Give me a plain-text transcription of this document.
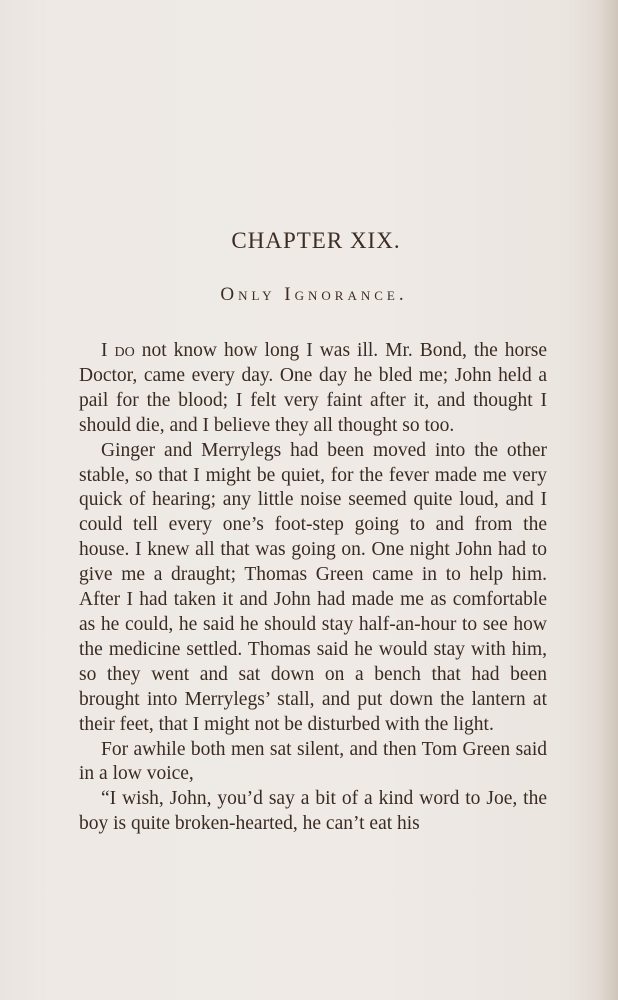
CHAPTER XIX.
Only Ignorance.

I do not know how long I was ill. Mr. Bond, the horse Doctor, came every day. One day he bled me; John held a pail for the blood; I felt very faint after it, and thought I should die, and I believe they all thought so too.

Ginger and Merrylegs had been moved into the other stable, so that I might be quiet, for the fever made me very quick of hearing; any little noise seemed quite loud, and I could tell every one’s foot-step going to and from the house. I knew all that was going on. One night John had to give me a draught; Thomas Green came in to help him. After I had taken it and John had made me as comfortable as he could, he said he should stay half-an-hour to see how the medicine settled. Thomas said he would stay with him, so they went and sat down on a bench that had been brought into Merrylegs’ stall, and put down the lantern at their feet, that I might not be disturbed with the light.

For awhile both men sat silent, and then Tom Green said in a low voice,

“I wish, John, you’d say a bit of a kind word to Joe, the boy is quite broken-hearted, he can’t eat his
